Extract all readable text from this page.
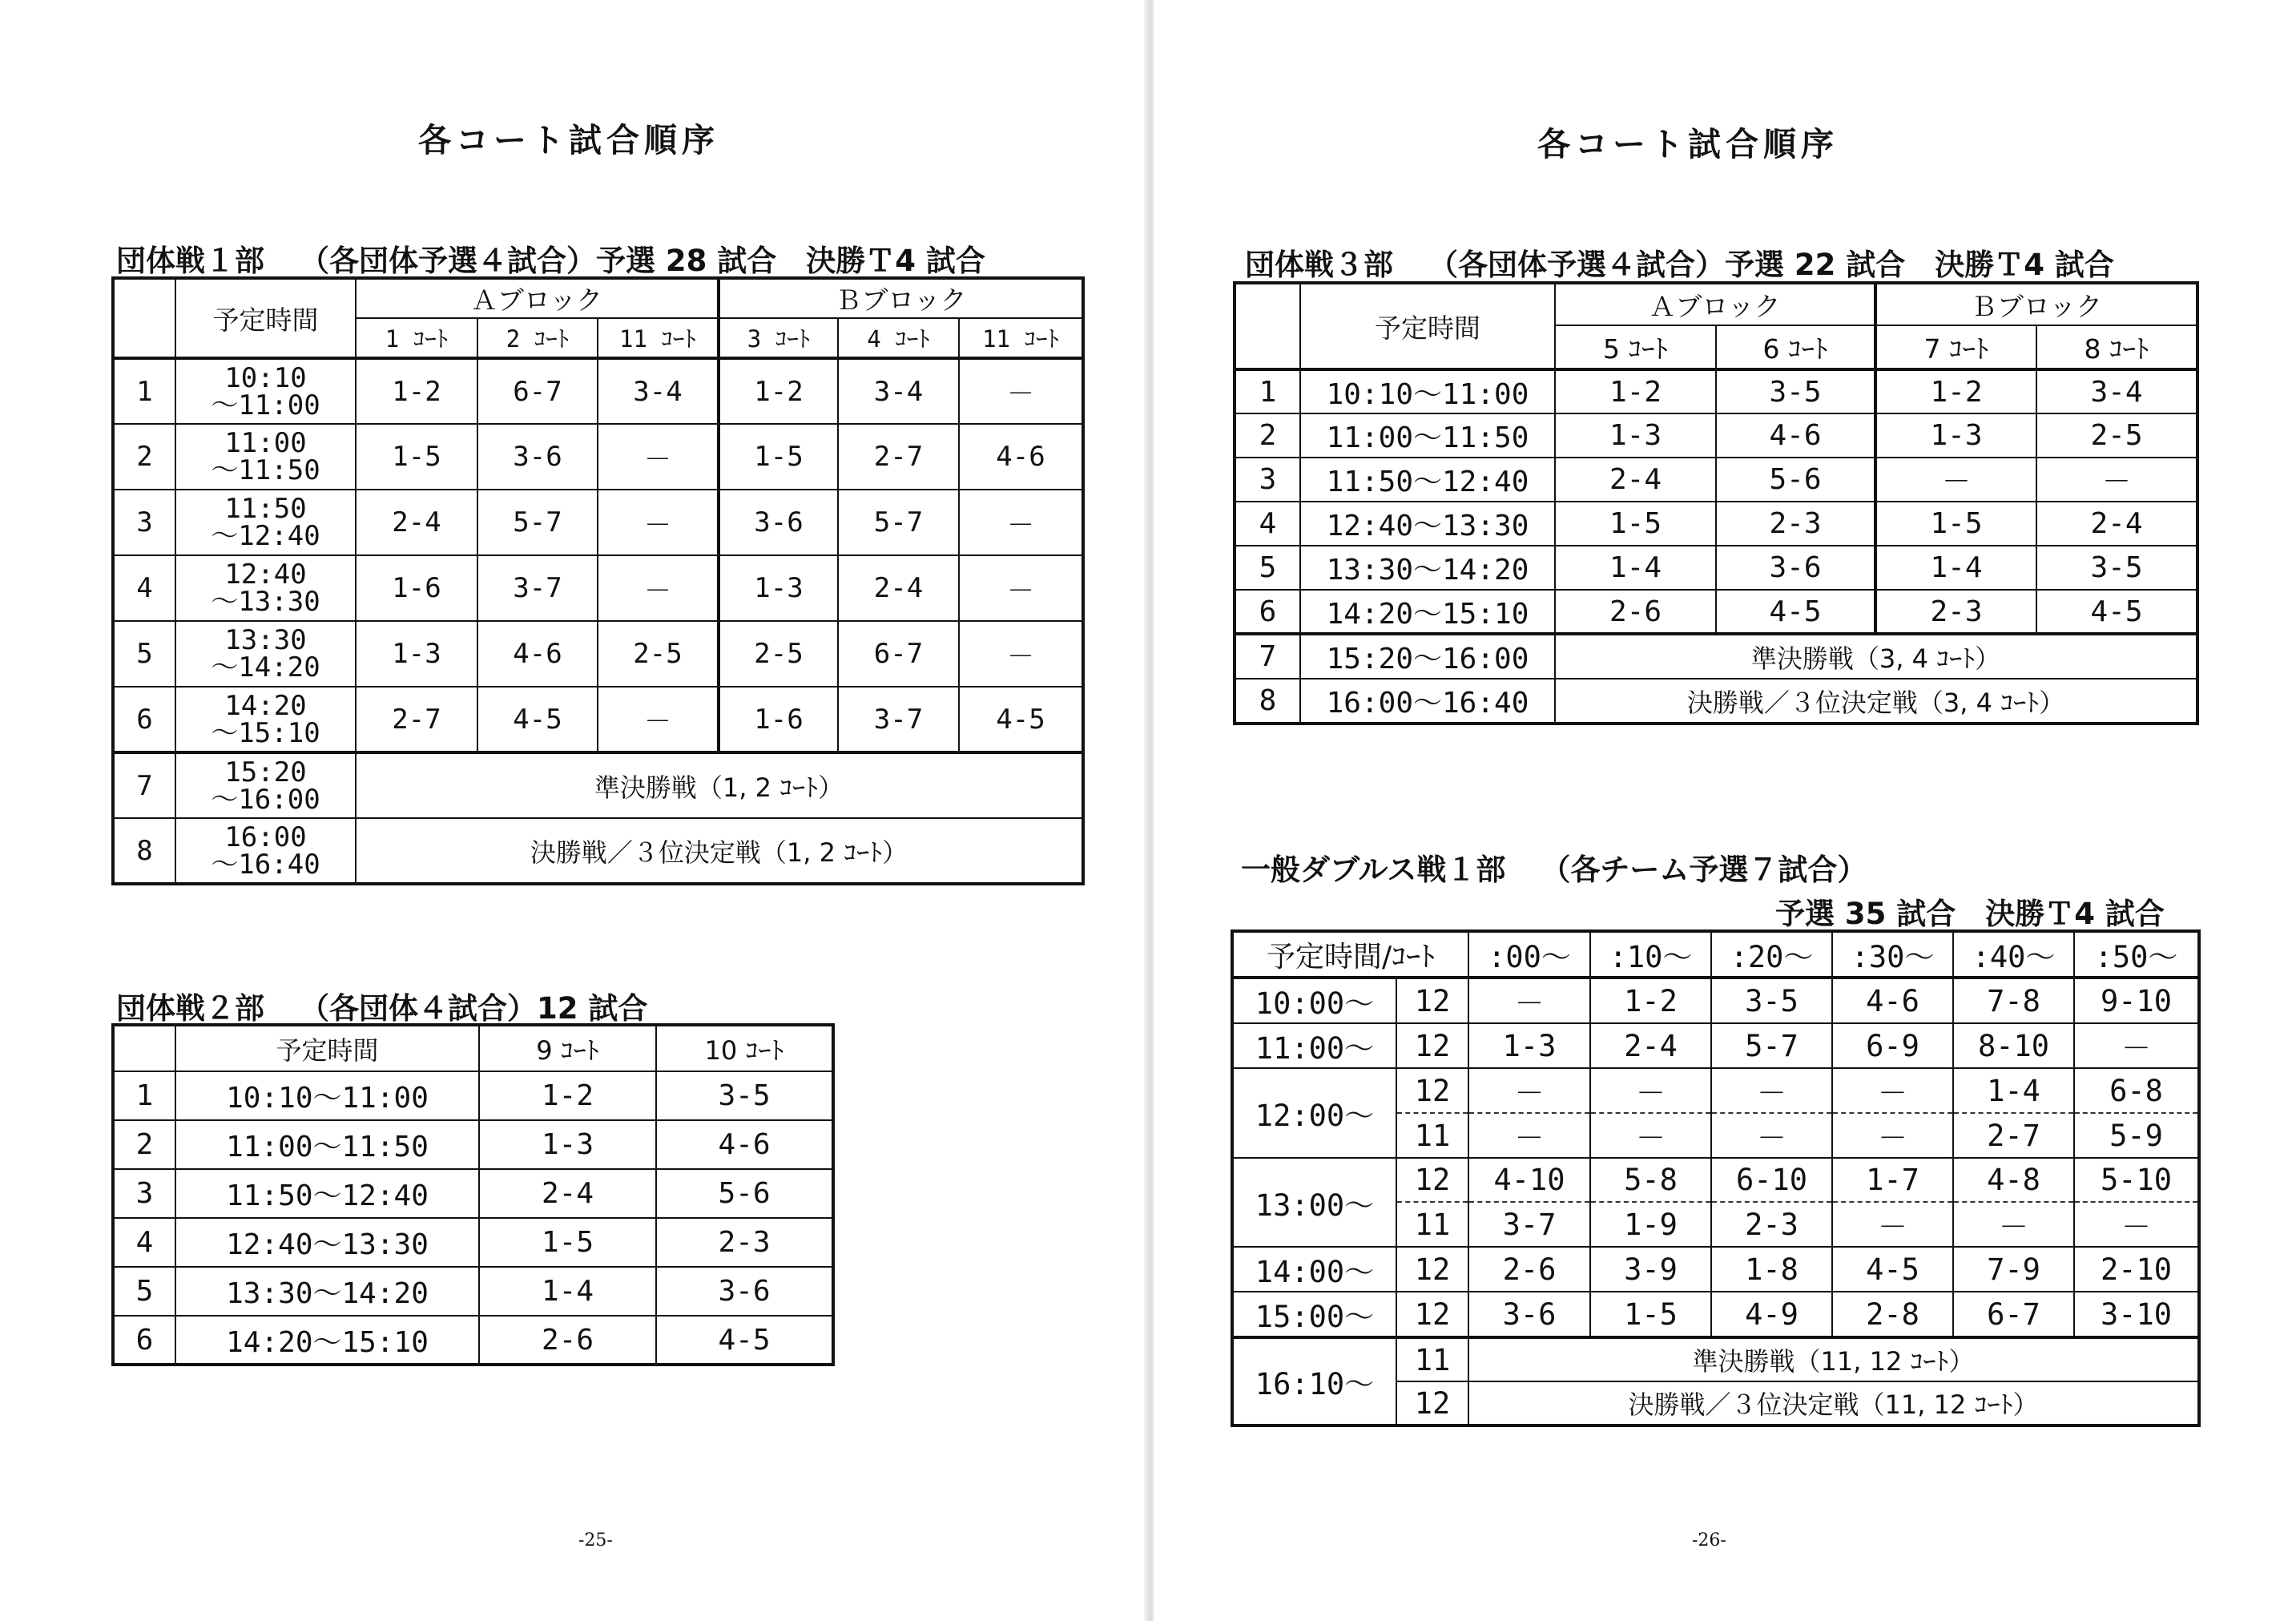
各コート試合順序
団体戦１部 （各団体予選４試合）予選 28 試合　決勝Ｔ4 試合
	予定時間	Ａブロック			Ｂブロック		
		1 ｺｰﾄ	2 ｺｰﾄ	11 ｺｰﾄ	3 ｺｰﾄ	4 ｺｰﾄ	11 ｺｰﾄ
1	10:10
～11:00	1-2	6-7	3-4	1-2	3-4	－
2	11:00
～11:50	1-5	3-6	－	1-5	2-7	4-6
3	11:50
～12:40	2-4	5-7	－	3-6	5-7	－
4	12:40
～13:30	1-6	3-7	－	1-3	2-4	－
5	13:30
～14:20	1-3	4-6	2-5	2-5	6-7	－
6	14:20
～15:10	2-7	4-5	－	1-6	3-7	4-5
7	15:20
～16:00	準決勝戦（1, 2 ｺｰﾄ）					
8	16:00
～16:40	決勝戦／３位決定戦（1, 2 ｺｰﾄ）					
団体戦２部 （各団体４試合）12 試合
	予定時間	9 ｺｰﾄ	10 ｺｰﾄ
1	10:10～11:00	1-2	3-5
2	11:00～11:50	1-3	4-6
3	11:50～12:40	2-4	5-6
4	12:40～13:30	1-5	2-3
5	13:30～14:20	1-4	3-6
6	14:20～15:10	2-6	4-5
-25-
各コート試合順序
団体戦３部 （各団体予選４試合）予選 22 試合　決勝Ｔ4 試合
	予定時間	Ａブロック		Ｂブロック	
		5 ｺｰﾄ	6 ｺｰﾄ	7 ｺｰﾄ	8 ｺｰﾄ
1	10:10～11:00	1-2	3-5	1-2	3-4
2	11:00～11:50	1-3	4-6	1-3	2-5
3	11:50～12:40	2-4	5-6	－	－
4	12:40～13:30	1-5	2-3	1-5	2-4
5	13:30～14:20	1-4	3-6	1-4	3-5
6	14:20～15:10	2-6	4-5	2-3	4-5
7	15:20～16:00	準決勝戦（3, 4 ｺｰﾄ）			
8	16:00～16:40	決勝戦／３位決定戦（3, 4 ｺｰﾄ）			
一般ダブルス戦１部 （各チーム予選７試合）
予選 35 試合　決勝Ｔ4 試合
予定時間/ｺｰﾄ		:00～	:10～	:20～	:30～	:40～	:50～
10:00～	12	－	1-2	3-5	4-6	7-8	9-10
11:00～	12	1-3	2-4	5-7	6-9	8-10	－
12:00～	12	－	－	－	－	1-4	6-8
	11	－	－	－	－	2-7	5-9
13:00～	12	4-10	5-8	6-10	1-7	4-8	5-10
	11	3-7	1-9	2-3	－	－	－
14:00～	12	2-6	3-9	1-8	4-5	7-9	2-10
15:00～	12	3-6	1-5	4-9	2-8	6-7	3-10
16:10～	11	準決勝戦（11, 12 ｺｰﾄ）					
	12	決勝戦／３位決定戦（11, 12 ｺｰﾄ）					
-26-
